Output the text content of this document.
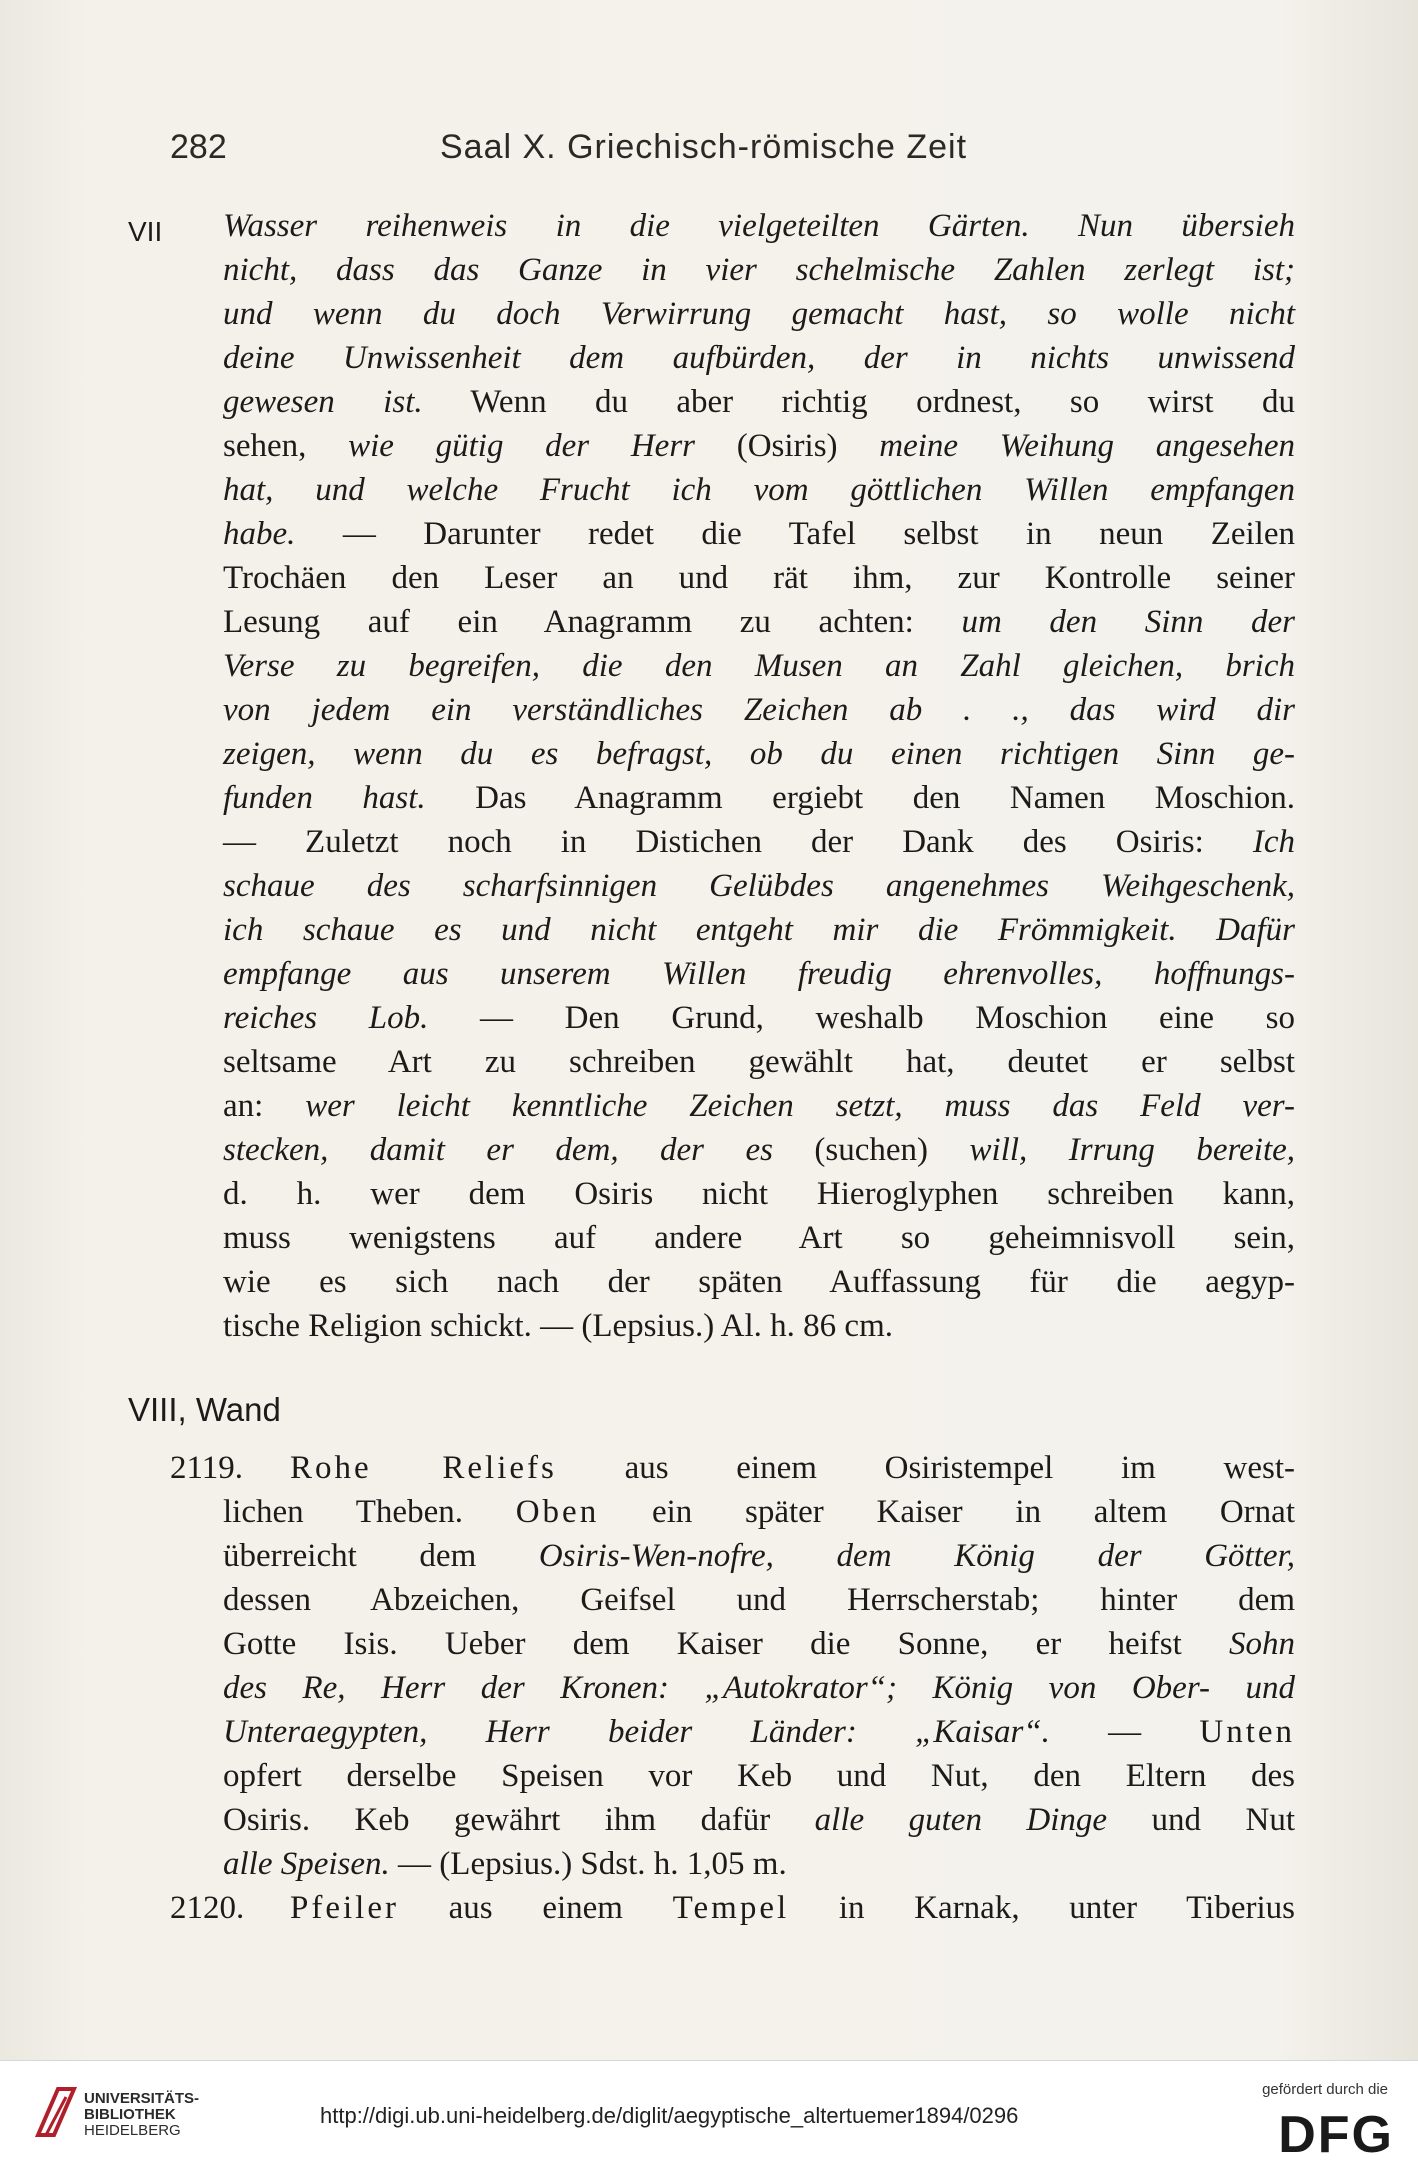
282	Saal X. Griechisch-römische Zeit
VII Wasser reihenweis in die vielgeteilten Gärten. Nun übersieh
nicht, dass das Ganze in vier schelmische Zahlen zerlegt ist;
und wenn du doch Verwirrung gemacht hast, so wolle nicht
deine Unwissenheit dem aufbürden, der in nichts unwissend
gewesen ist. Wenn du aber richtig ordnest, so wirst du
sehen, wie gütig der Herr (Osiris) meine Weihung angesehen
hat, und welche Frucht ich vom göttlichen Willen empfangen
habe. — Darunter redet die Tafel selbst in neun Zeilen
Trochäen den Leser an und rät ihm, zur Kontrolle seiner
Lesung auf ein Anagramm zu achten: um den Sinn der
Verse zu begreifen, die den Musen an Zahl gleichen, brich
von jedem ein verständliches Zeichen ab . ., das wird dir
zeigen, wenn du es befragst, ob du einen richtigen Sinn ge-
funden hast. Das Anagramm ergiebt den Namen Moschion.
— Zuletzt noch in Distichen der Dank des Osiris: Ich
schaue des scharfsinnigen Gelübdes angenehmes Weihgeschenk,
ich schaue es und nicht entgeht mir die Frömmigkeit. Dafür
empfange aus unserem Willen freudig ehrenvolles, hoffnungs-
reiches Lob. — Den Grund, weshalb Moschion eine so
seltsame Art zu schreiben gewählt hat, deutet er selbst
an: wer leicht kenntliche Zeichen setzt, muss das Feld ver-
stecken, damit er dem, der es (suchen) will, Irrung bereite,
d. h. wer dem Osiris nicht Hieroglyphen schreiben kann,
muss wenigstens auf andere Art so geheimnisvoll sein,
wie es sich nach der späten Auffassung für die aegyp-
tische Religion schickt. — (Lepsius.) Al. h. 86 cm.
VIII, Wand
2119. Rohe Reliefs aus einem Osiristempel im west-
lichen Theben. Oben ein später Kaiser in altem Ornat
überreicht dem Osiris-Wen-nofre, dem König der Götter,
dessen Abzeichen, Geifsel und Herrscherstab; hinter dem
Gotte Isis. Ueber dem Kaiser die Sonne, er heifst Sohn
des Re, Herr der Kronen: „Autokrator“; König von Ober- und
Unteraegypten, Herr beider Länder: „Kaisar“. — Unten
opfert derselbe Speisen vor Keb und Nut, den Eltern des
Osiris. Keb gewährt ihm dafür alle guten Dinge und Nut
alle Speisen. — (Lepsius.) Sdst. h. 1,05 m.
2120. Pfeiler aus einem Tempel in Karnak, unter Tiberius
UNIVERSITÄTS-
BIBLIOTHEK
HEIDELBERG
http://digi.ub.uni-heidelberg.de/diglit/aegyptische_altertuemer1894/0296
gefördert durch die
DFG
